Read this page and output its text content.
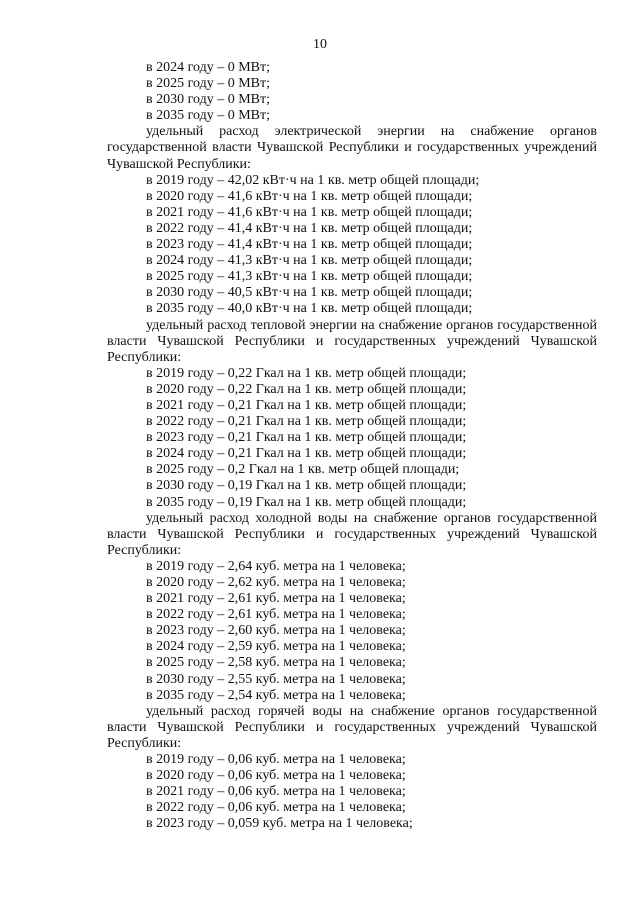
10
в 2024 году – 0 МВт;
в 2025 году – 0 МВт;
в 2030 году – 0 МВт;
в 2035 году – 0 МВт;
удельный расход электрической энергии на снабжение органов государственной власти Чувашской Республики и государственных учреждений Чувашской Республики:
в 2019 году – 42,02 кВт·ч на 1 кв. метр общей площади;
в 2020 году – 41,6 кВт·ч на 1 кв. метр общей площади;
в 2021 году – 41,6 кВт·ч на 1 кв. метр общей площади;
в 2022 году – 41,4 кВт·ч на 1 кв. метр общей площади;
в 2023 году – 41,4 кВт·ч на 1 кв. метр общей площади;
в 2024 году – 41,3 кВт·ч на 1 кв. метр общей площади;
в 2025 году – 41,3 кВт·ч на 1 кв. метр общей площади;
в 2030 году – 40,5 кВт·ч на 1 кв. метр общей площади;
в 2035 году – 40,0 кВт·ч на 1 кв. метр общей площади;
удельный расход тепловой энергии на снабжение органов государственной власти Чувашской Республики и государственных учреждений Чувашской Республики:
в 2019 году – 0,22 Гкал на 1 кв. метр общей площади;
в 2020 году – 0,22 Гкал на 1 кв. метр общей площади;
в 2021 году – 0,21 Гкал на 1 кв. метр общей площади;
в 2022 году – 0,21 Гкал на 1 кв. метр общей площади;
в 2023 году – 0,21 Гкал на 1 кв. метр общей площади;
в 2024 году – 0,21 Гкал на 1 кв. метр общей площади;
в 2025 году – 0,2 Гкал на 1 кв. метр общей площади;
в 2030 году – 0,19 Гкал на 1 кв. метр общей площади;
в 2035 году – 0,19 Гкал на 1 кв. метр общей площади;
удельный расход холодной воды на снабжение органов государственной власти Чувашской Республики и государственных учреждений Чувашской Республики:
в 2019 году – 2,64 куб. метра на 1 человека;
в 2020 году – 2,62 куб. метра на 1 человека;
в 2021 году – 2,61 куб. метра на 1 человека;
в 2022 году – 2,61 куб. метра на 1 человека;
в 2023 году – 2,60 куб. метра на 1 человека;
в 2024 году – 2,59 куб. метра на 1 человека;
в 2025 году – 2,58 куб. метра на 1 человека;
в 2030 году – 2,55 куб. метра на 1 человека;
в 2035 году – 2,54 куб. метра на 1 человека;
удельный расход горячей воды на снабжение органов государственной власти Чувашской Республики и государственных учреждений Чувашской Республики:
в 2019 году – 0,06 куб. метра на 1 человека;
в 2020 году – 0,06 куб. метра на 1 человека;
в 2021 году – 0,06 куб. метра на 1 человека;
в 2022 году – 0,06 куб. метра на 1 человека;
в 2023 году – 0,059 куб. метра на 1 человека;
